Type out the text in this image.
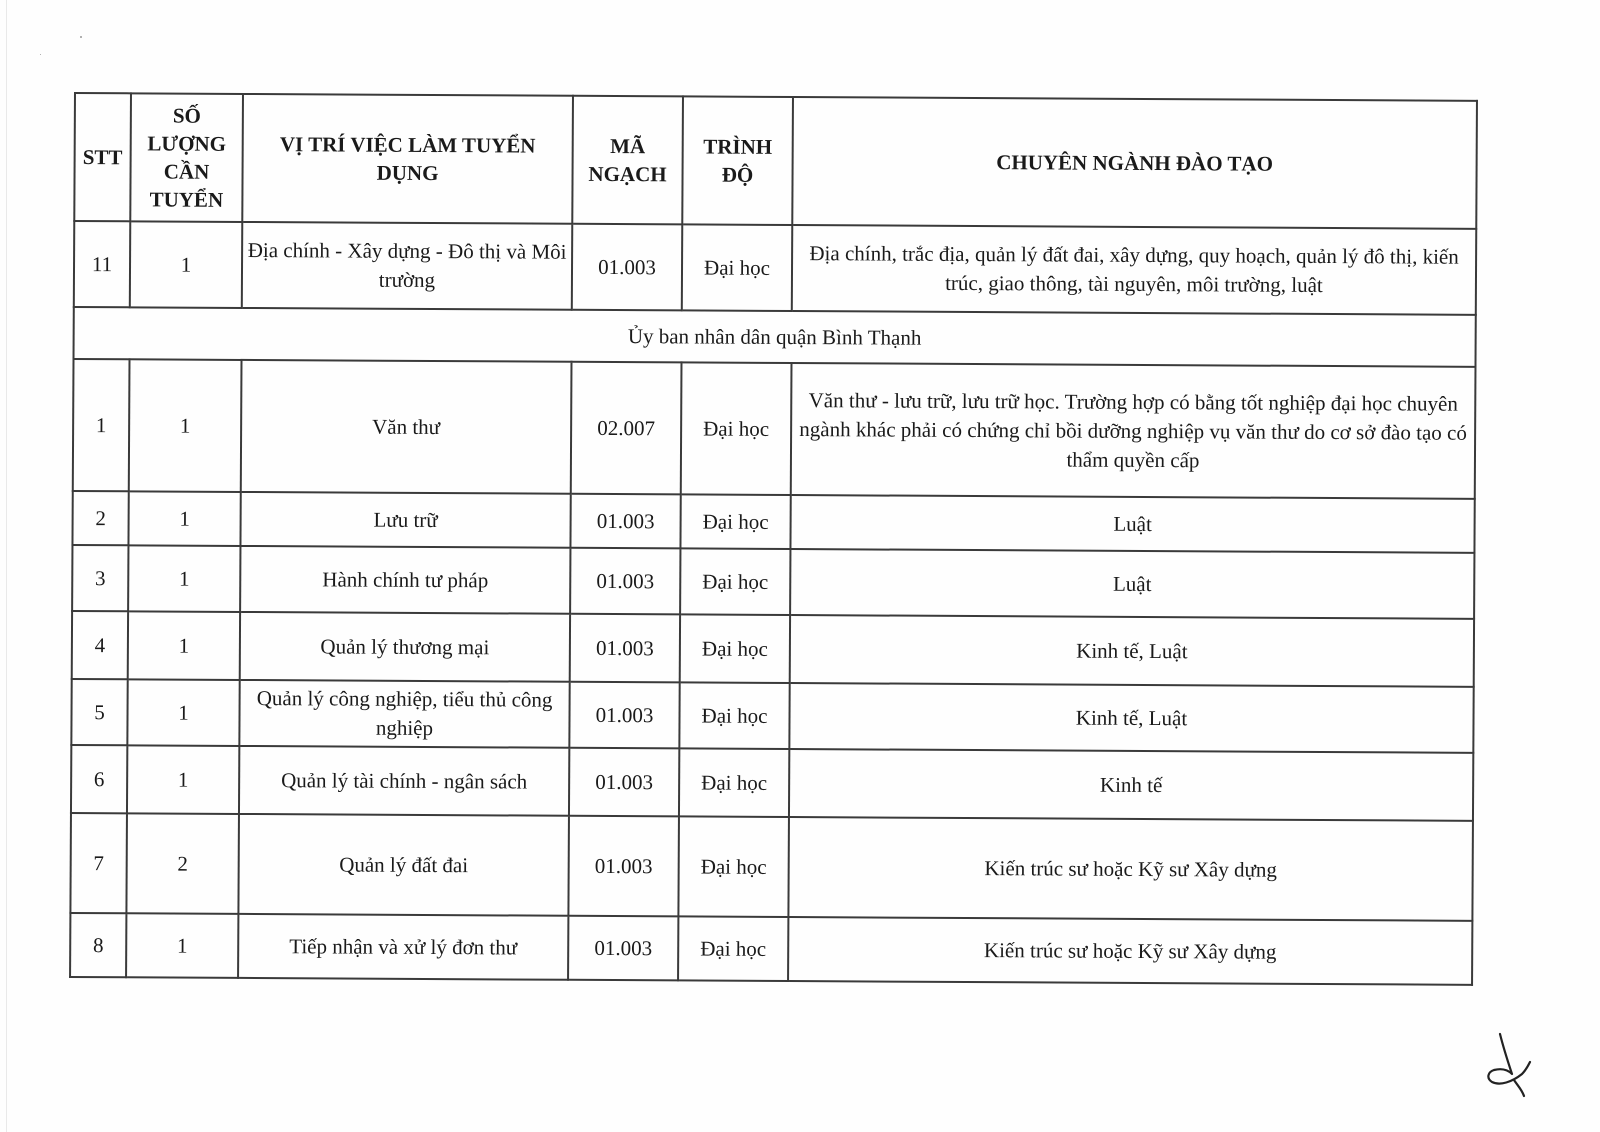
STT	SỐ LƯỢNG CẦN TUYỂN	VỊ TRÍ VIỆC LÀM TUYỂN DỤNG	MÃ NGẠCH	TRÌNH ĐỘ	CHUYÊN NGÀNH ĐÀO TẠO
11	1	Địa chính - Xây dựng - Đô thị và Môi trường	01.003	Đại học	Địa chính, trắc địa, quản lý đất đai, xây dựng, quy hoạch, quản lý đô thị, kiến trúc, giao thông, tài nguyên, môi trường, luật
Ủy ban nhân dân quận Bình Thạnh					
1	1	Văn thư	02.007	Đại học	Văn thư - lưu trữ, lưu trữ học. Trường hợp có bằng tốt nghiệp đại học chuyên ngành khác phải có chứng chỉ bồi dưỡng nghiệp vụ văn thư do cơ sở đào tạo có thẩm quyền cấp
2	1	Lưu trữ	01.003	Đại học	Luật
3	1	Hành chính tư pháp	01.003	Đại học	Luật
4	1	Quản lý thương mại	01.003	Đại học	Kinh tế, Luật
5	1	Quản lý công nghiệp, tiểu thủ công nghiệp	01.003	Đại học	Kinh tế, Luật
6	1	Quản lý tài chính - ngân sách	01.003	Đại học	Kinh tế
7	2	Quản lý đất đai	01.003	Đại học	Kiến trúc sư hoặc Kỹ sư Xây dựng
8	1	Tiếp nhận và xử lý đơn thư	01.003	Đại học	Kiến trúc sư hoặc Kỹ sư Xây dựng
